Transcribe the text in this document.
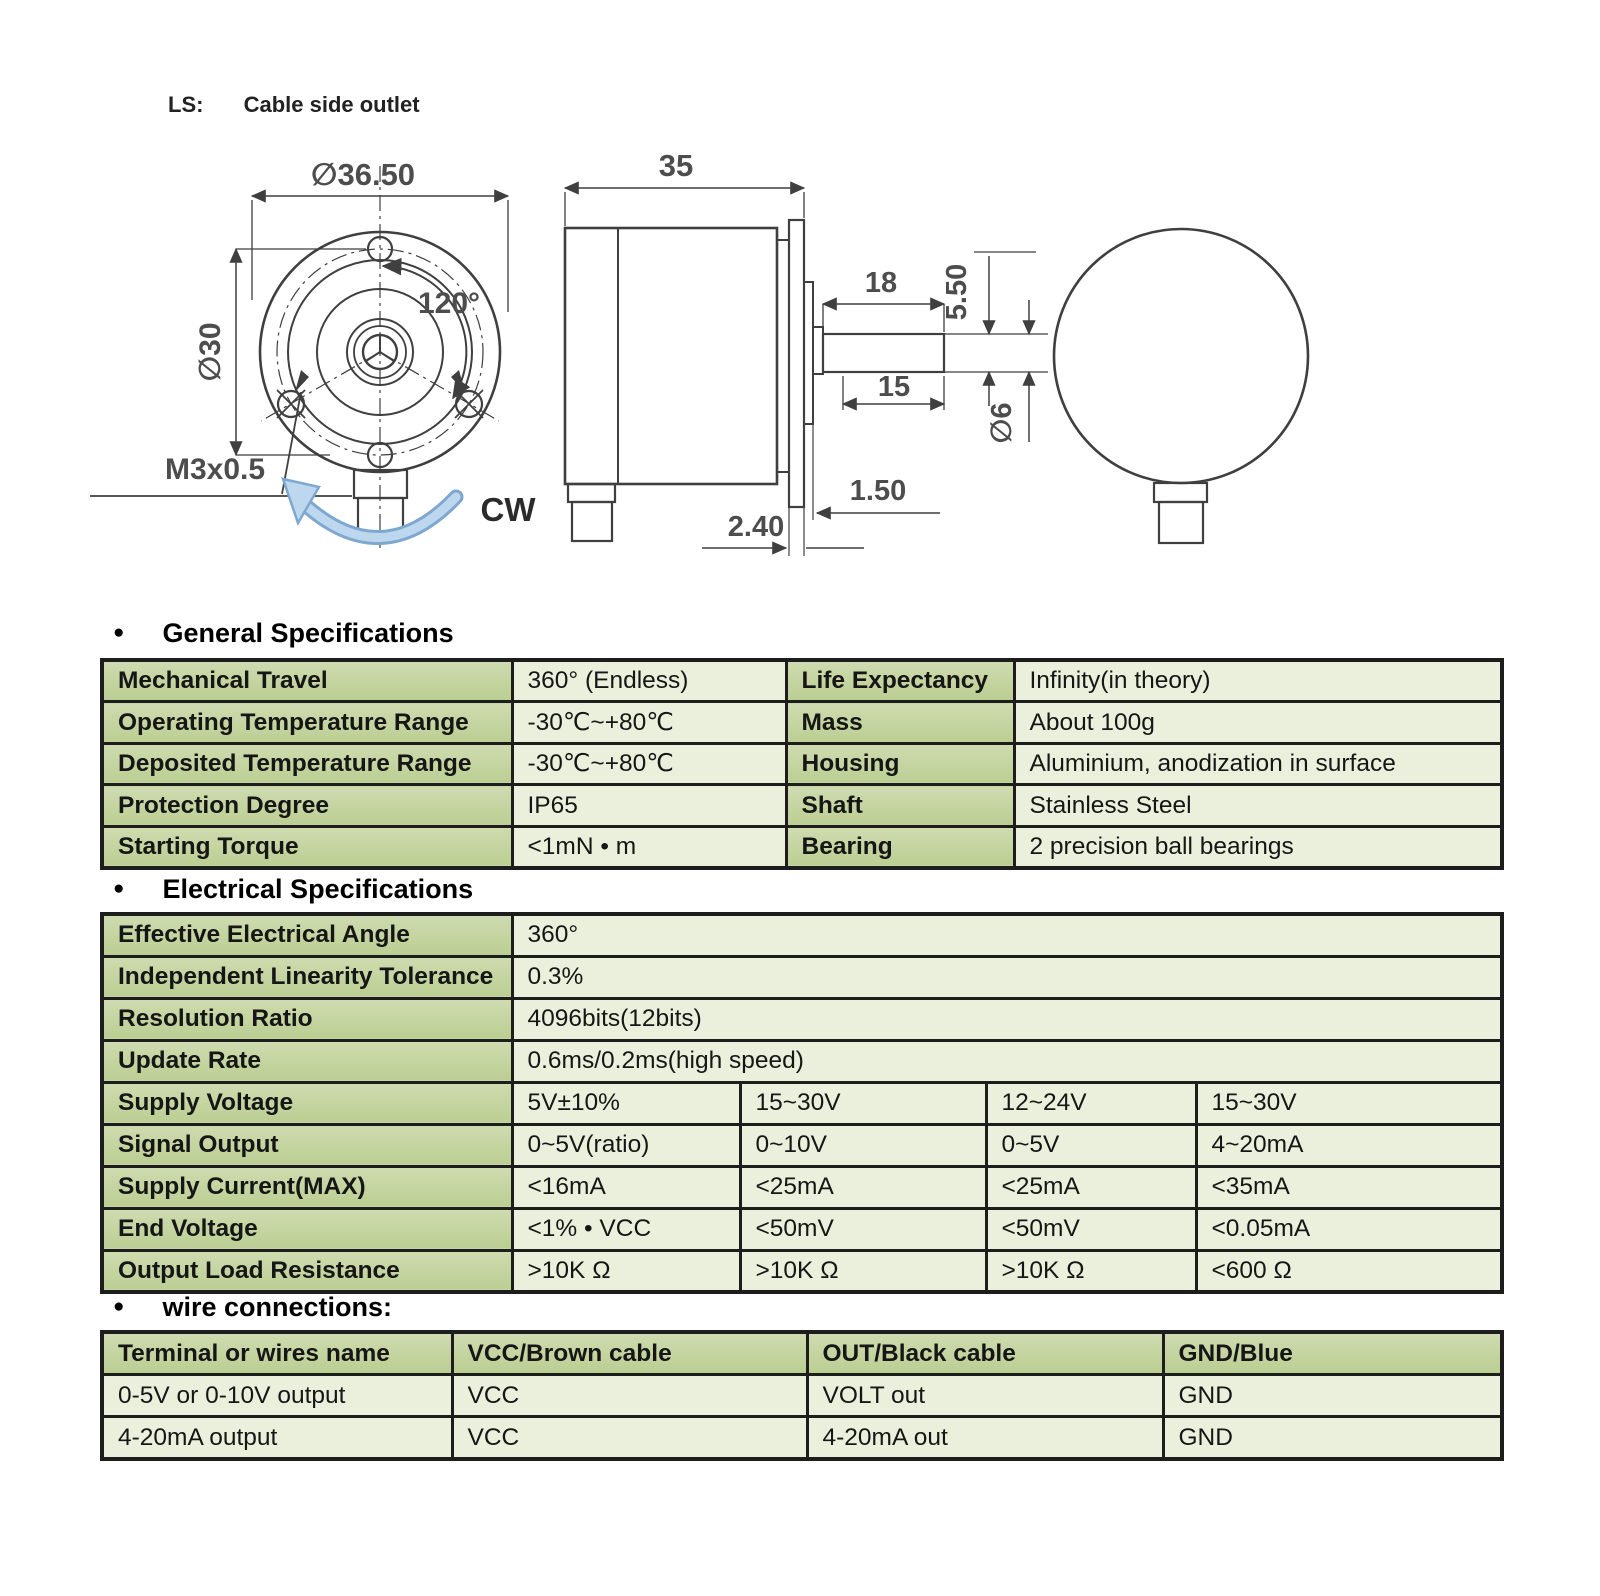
LS: Cable side outlet
120°
∅36.50
∅30
M3x0.5
CW
35
18
15
5.50
1.50
2.40
∅6
● General Specifications
Mechanical Travel	360° (Endless)	Life Expectancy	Infinity(in theory)
Operating Temperature Range	-30℃~+80℃	Mass	About 100g
Deposited Temperature Range	-30℃~+80℃	Housing	Aluminium, anodization in surface
Protection Degree	IP65	Shaft	Stainless Steel
Starting Torque	<1mN • m	Bearing	2 precision ball bearings
● Electrical Specifications
Effective Electrical Angle	360°			
Independent Linearity Tolerance	0.3%			
Resolution Ratio	4096bits(12bits)			
Update Rate	0.6ms/0.2ms(high speed)			
Supply Voltage	5V±10%	15~30V	12~24V	15~30V
Signal Output	0~5V(ratio)	0~10V	0~5V	4~20mA
Supply Current(MAX)	<16mA	<25mA	<25mA	<35mA
End Voltage	<1% • VCC	<50mV	<50mV	<0.05mA
Output Load Resistance	>10K Ω	>10K Ω	>10K Ω	<600 Ω
● wire connections:
Terminal or wires name	VCC/Brown cable	OUT/Black cable	GND/Blue
0-5V or 0-10V output	VCC	VOLT out	GND
4-20mA output	VCC	4-20mA out	GND
